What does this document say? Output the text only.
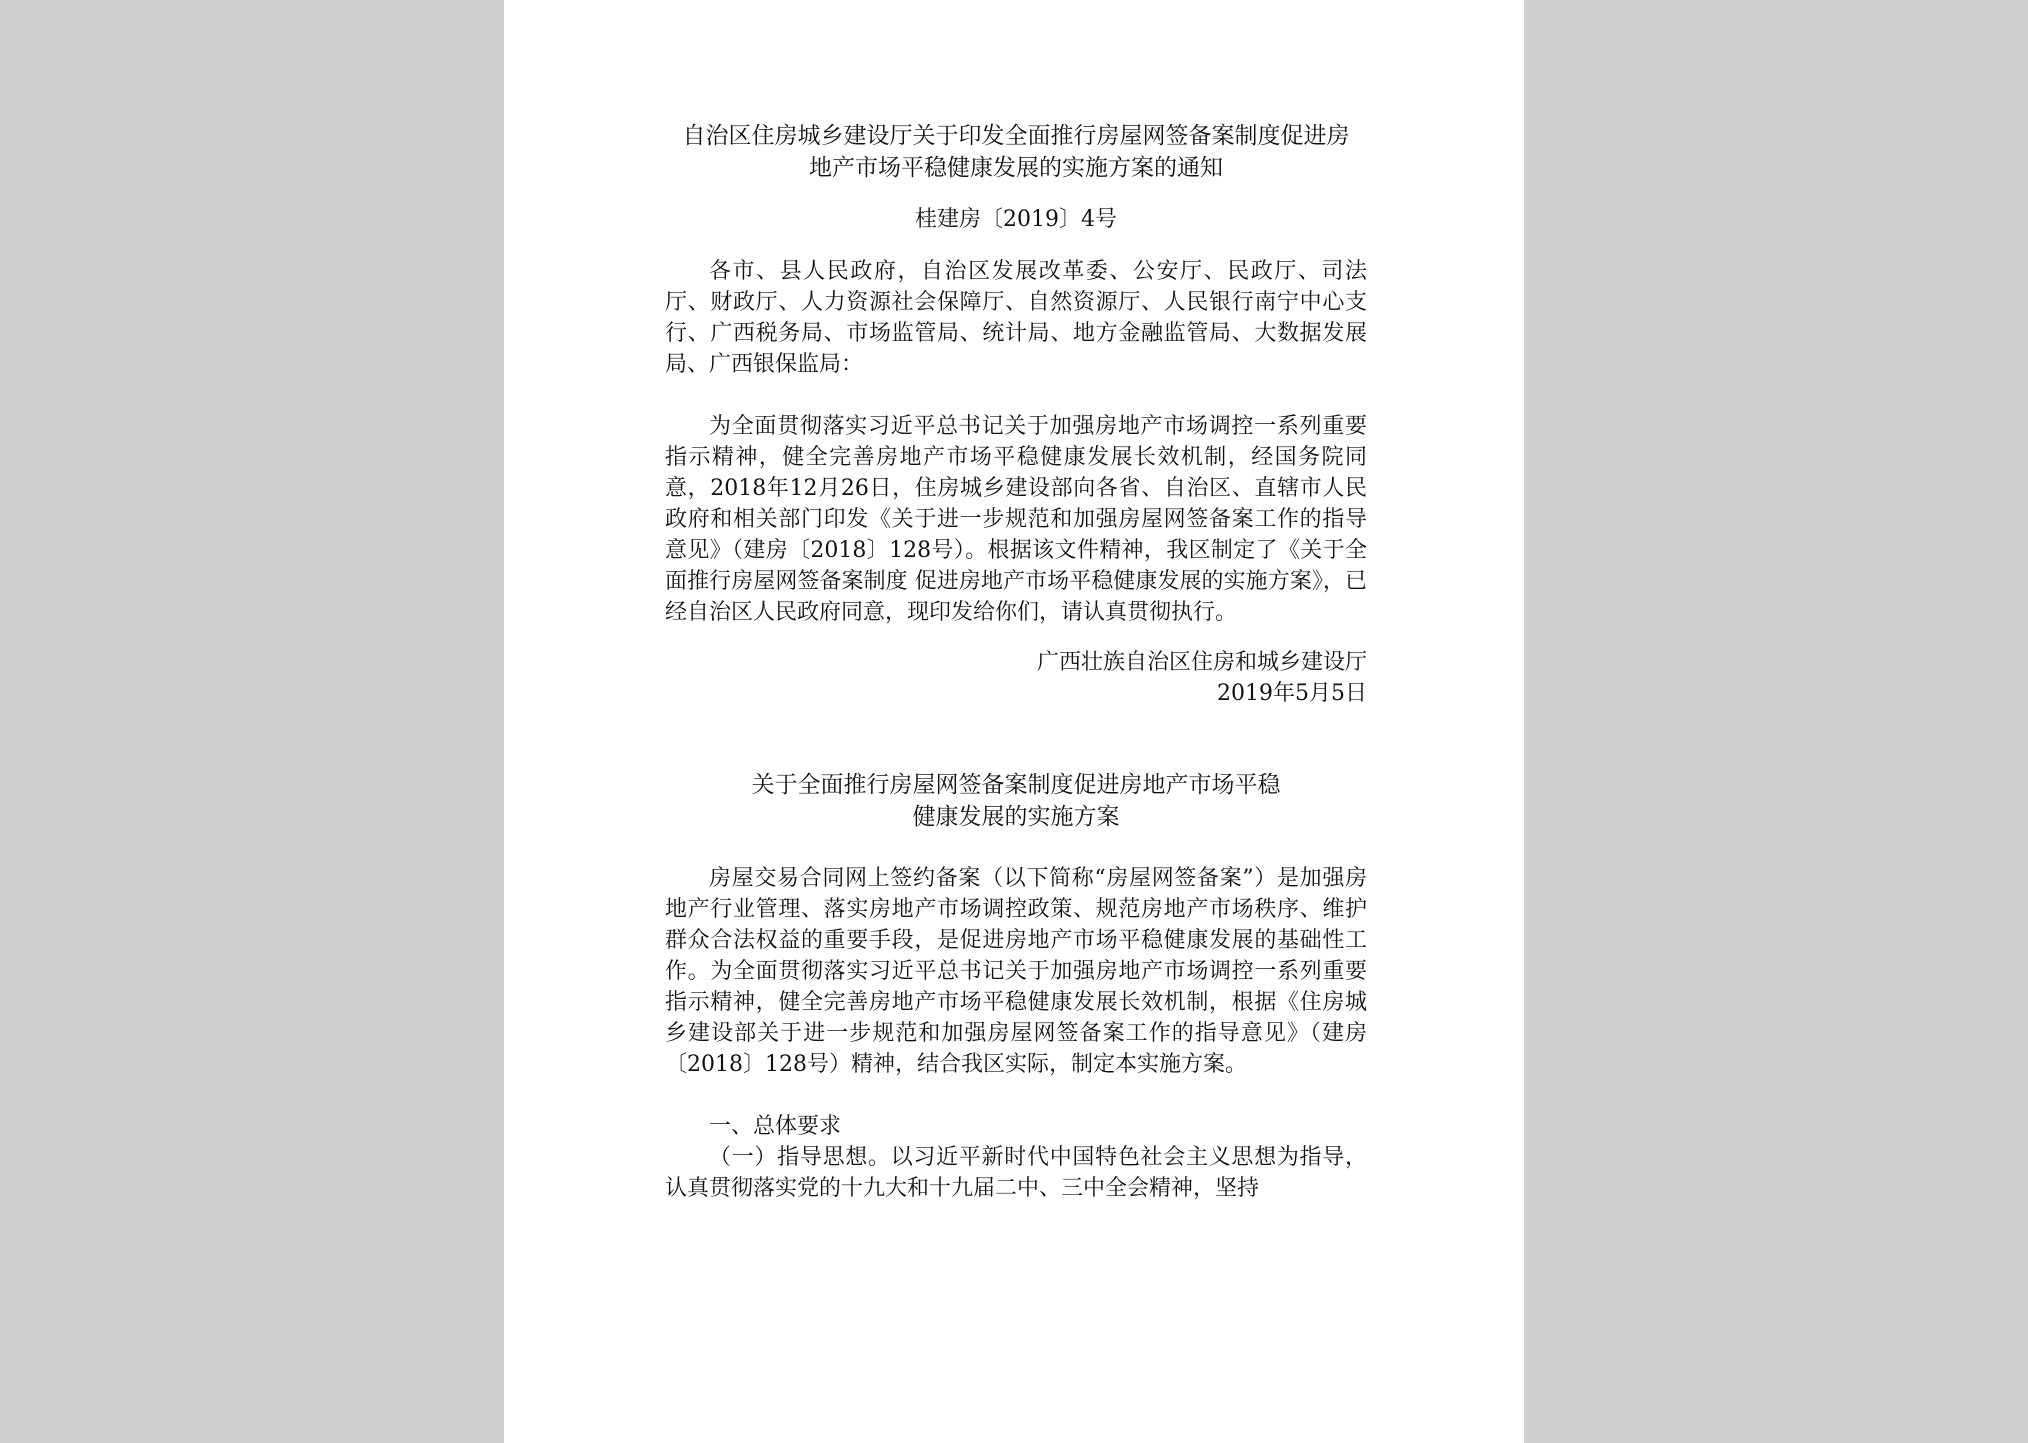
自治区住房城乡建设厅关于印发全面推行房屋网签备案制度促进房
地产市场平稳健康发展的实施方案的通知
桂建房〔2019〕4号

各市、县人民政府，自治区发展改革委、公安厅、民政厅、司法厅、财政厅、人力资源社会保障厅、自然资源厅、人民银行南宁中心支行、广西税务局、市场监管局、统计局、地方金融监管局、大数据发展局、广西银保监局：

为全面贯彻落实习近平总书记关于加强房地产市场调控一系列重要指示精神，健全完善房地产市场平稳健康发展长效机制，经国务院同意，2018年12月26日，住房城乡建设部向各省、自治区、直辖市人民政府和相关部门印发《关于进一步规范和加强房屋网签备案工作的指导意见》（建房〔2018〕128号）。根据该文件精神，我区制定了《关于全面推行房屋网签备案制度 促进房地产市场平稳健康发展的实施方案》，已经自治区人民政府同意，现印发给你们，请认真贯彻执行。

广西壮族自治区住房和城乡建设厅
2019年5月5日
关于全面推行房屋网签备案制度促进房地产市场平稳
健康发展的实施方案

房屋交易合同网上签约备案（以下简称“房屋网签备案”）是加强房地产行业管理、落实房地产市场调控政策、规范房地产市场秩序、维护群众合法权益的重要手段，是促进房地产市场平稳健康发展的基础性工作。为全面贯彻落实习近平总书记关于加强房地产市场调控一系列重要指示精神，健全完善房地产市场平稳健康发展长效机制，根据《住房城乡建设部关于进一步规范和加强房屋网签备案工作的指导意见》（建房〔2018〕128号）精神，结合我区实际，制定本实施方案。

一、总体要求

（一）指导思想。以习近平新时代中国特色社会主义思想为指导，认真贯彻落实党的十九大和十九届二中、三中全会精神，坚持
